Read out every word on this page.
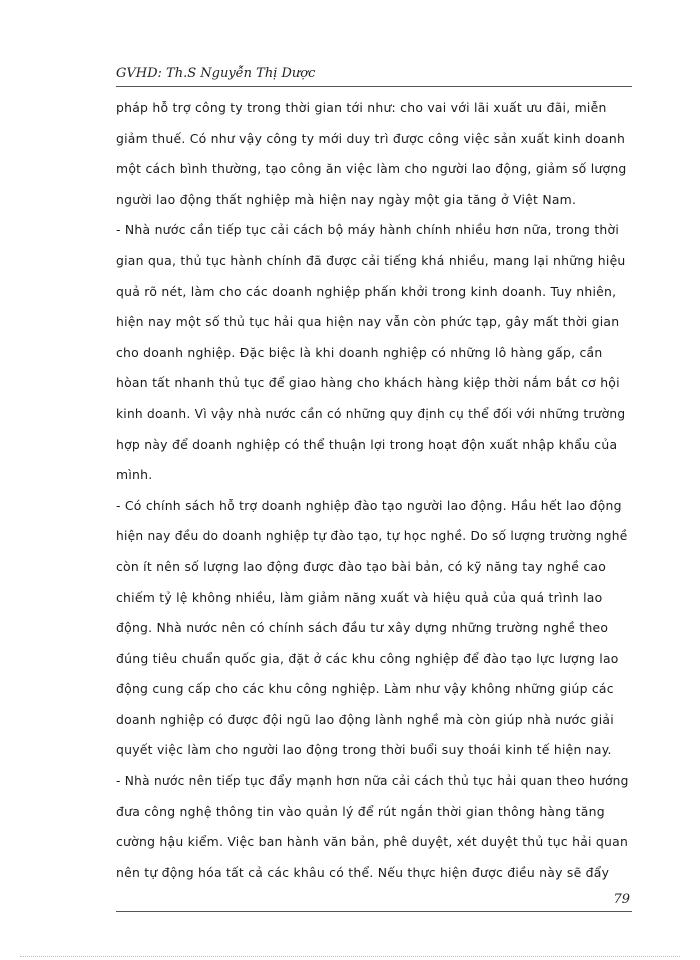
GVHD: Th.S Nguyễn Thị Dược
pháp hỗ trợ công ty trong thời gian tới như: cho vai với lãi xuất ưu đãi, miễn
giảm thuế. Có như vậy công ty mới duy trì được công việc sản xuất kinh doanh
một cách bình thường, tạo công ăn việc làm cho người lao động, giảm số lượng
người lao động thất nghiệp mà hiện nay ngày một gia tăng ở Việt Nam.
- Nhà nước cần tiếp tục cải cách bộ máy hành chính nhiều hơn nữa, trong thời
gian qua, thủ tục hành chính đã được cải tiếng khá nhiều, mang lại những hiệu
quả rõ nét, làm cho các doanh nghiệp phấn khởi trong kinh doanh. Tuy nhiên,
hiện nay một số thủ tục hải qua hiện nay vẫn còn phức tạp, gây mất thời gian
cho doanh nghiệp. Đặc biệc là khi doanh nghiệp có những lô hàng gấp, cần
hòan tất nhanh thủ tục để giao hàng cho khách hàng kiệp thời nắm bắt cơ hội
kinh doanh. Vì vậy nhà nước cần có những quy định cụ thể đối với những trường
hợp này để doanh nghiệp có thể thuận lợi trong hoạt độn xuất nhập khẩu của
mình.
- Có chính sách hỗ trợ doanh nghiệp đào tạo người lao động. Hầu hết lao động
hiện nay đều do doanh nghiệp tự đào tạo, tự học nghề. Do số lượng trường nghề
còn ít nên số lượng lao động được đào tạo bài bản, có kỹ năng tay nghề cao
chiếm tỷ lệ không nhiều, làm giảm năng xuất và hiệu quả của quá trình lao
động. Nhà nước nên có chính sách đầu tư xây dựng những trường nghề theo
đúng tiêu chuẩn quốc gia, đặt ở các khu công nghiệp để đào tạo lực lượng lao
động cung cấp cho các khu công nghiệp. Làm như vậy không những giúp các
doanh nghiệp có được đội ngũ lao động lành nghề mà còn giúp nhà nước giải
quyết việc làm cho người lao động trong thời buổi suy thoái kinh tế hiện nay.
- Nhà nước nên tiếp tục đẩy mạnh hơn nữa cải cách thủ tục hải quan theo hướng
đưa công nghệ thông tin vào quản lý để rút ngắn thời gian thông hàng tăng
cường hậu kiểm. Việc ban hành văn bản, phê duyệt, xét duyệt thủ tục hải quan
nên tự động hóa tất cả các khâu có thể. Nếu thực hiện được điều này sẽ đẩy
79
